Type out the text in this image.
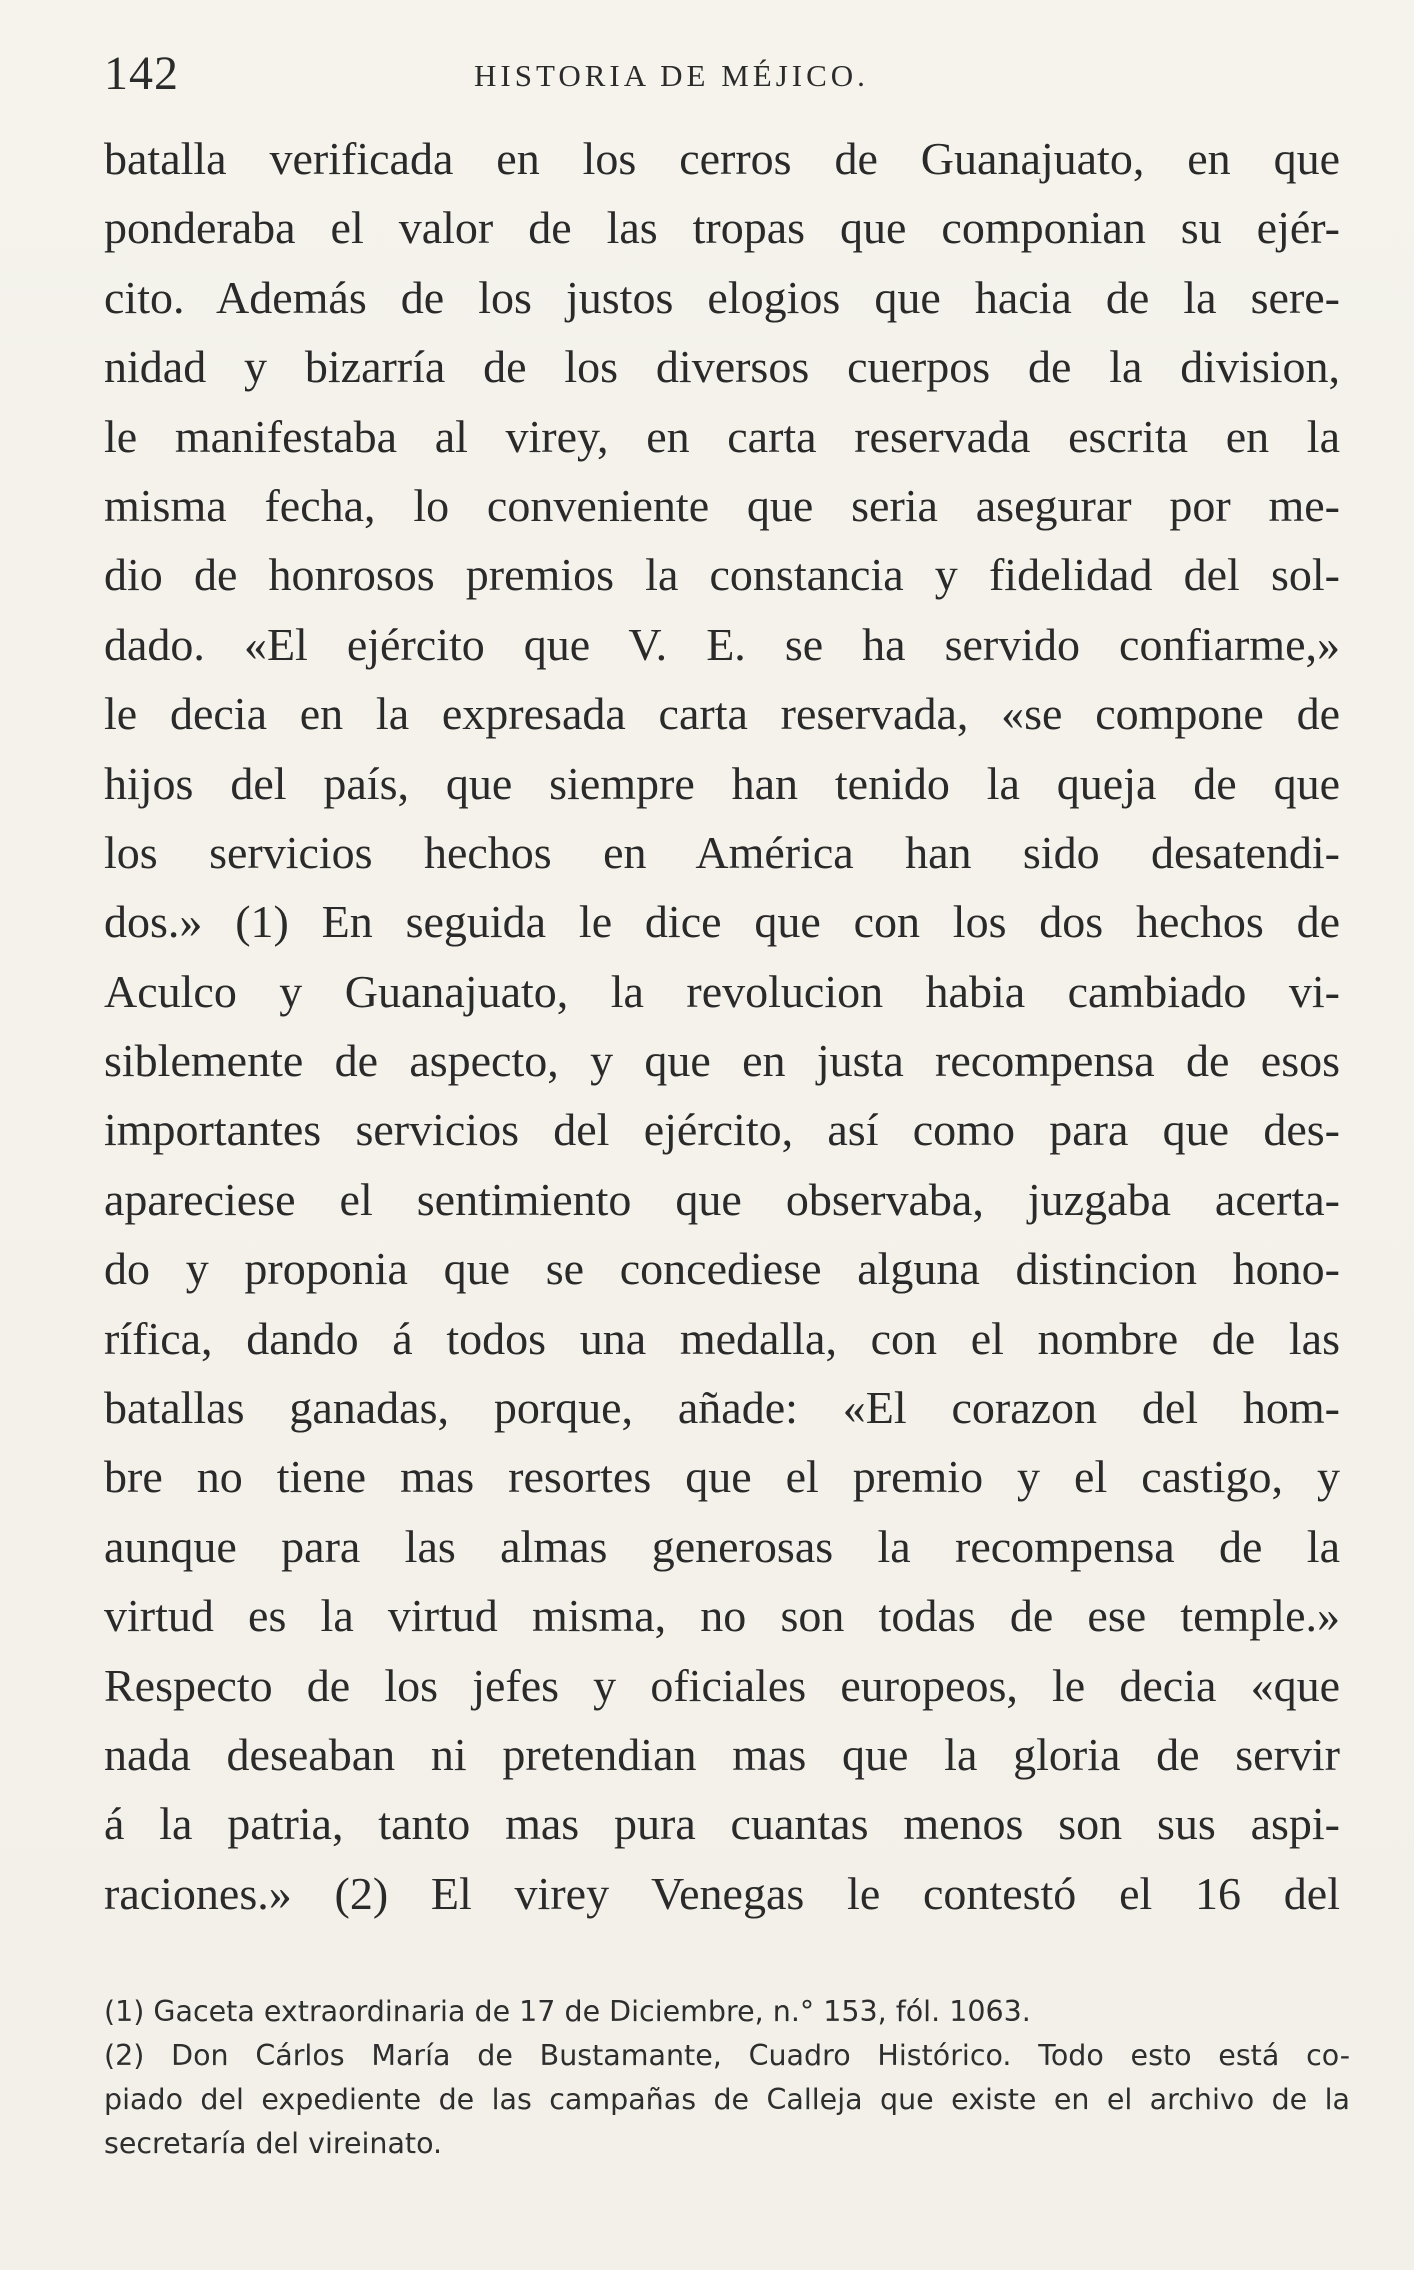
142	HISTORIA DE MÉJICO.
batalla verificada en los cerros de Guanajuato, en que
ponderaba el valor de las tropas que componian su ejér-
cito. Además de los justos elogios que hacia de la sere-
nidad y bizarría de los diversos cuerpos de la division,
le manifestaba al virey, en carta reservada escrita en la
misma fecha, lo conveniente que seria asegurar por me-
dio de honrosos premios la constancia y fidelidad del sol-
dado. «El ejército que V. E. se ha servido confiarme,»
le decia en la expresada carta reservada, «se compone de
hijos del país, que siempre han tenido la queja de que
los servicios hechos en América han sido desatendi-
dos.» (1) En seguida le dice que con los dos hechos de
Aculco y Guanajuato, la revolucion habia cambiado vi-
siblemente de aspecto, y que en justa recompensa de esos
importantes servicios del ejército, así como para que des-
apareciese el sentimiento que observaba, juzgaba acerta-
do y proponia que se concediese alguna distincion hono-
rífica, dando á todos una medalla, con el nombre de las
batallas ganadas, porque, añade: «El corazon del hom-
bre no tiene mas resortes que el premio y el castigo, y
aunque para las almas generosas la recompensa de la
virtud es la virtud misma, no son todas de ese temple.»
Respecto de los jefes y oficiales europeos, le decia «que
nada deseaban ni pretendian mas que la gloria de servir
á la patria, tanto mas pura cuantas menos son sus aspi-
raciones.» (2) El virey Venegas le contestó el 16 del
(1) Gaceta extraordinaria de 17 de Diciembre, n.° 153, fól. 1063.
(2) Don Cárlos María de Bustamante, Cuadro Histórico. Todo esto está co-
piado del expediente de las campañas de Calleja que existe en el archivo de la
secretaría del vireinato.
